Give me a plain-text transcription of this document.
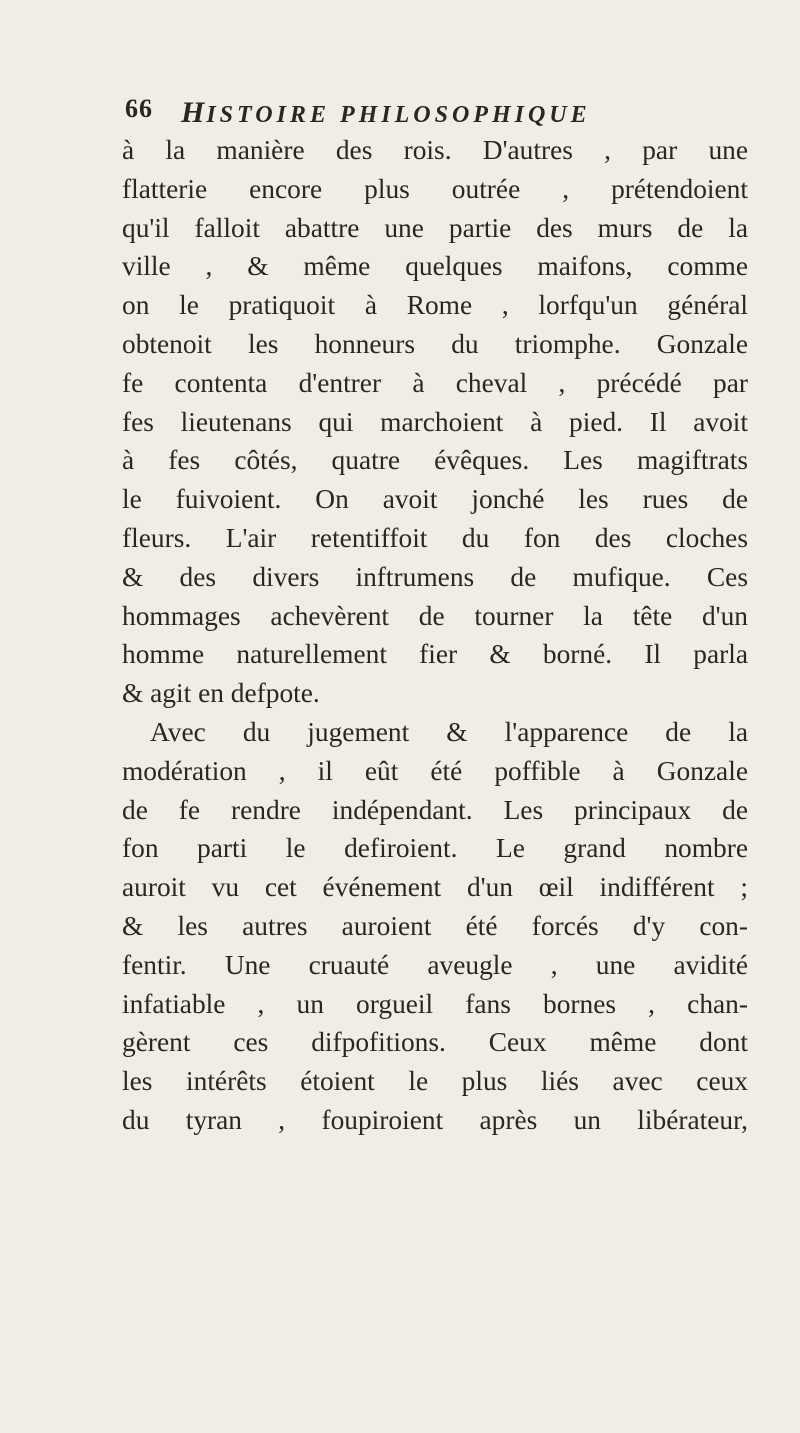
66 HISTOIRE PHILOSOPHIQUE
à la manière des rois. D'autres , par une
flatterie encore plus outrée , prétendoient
qu'il falloit abattre une partie des murs de la
ville , & même quelques maifons, comme
on le pratiquoit à Rome , lorfqu'un général
obtenoit les honneurs du triomphe. Gonzale
fe contenta d'entrer à cheval , précédé par
fes lieutenans qui marchoient à pied. Il avoit
à fes côtés, quatre évêques. Les magiftrats
le fuivoient. On avoit jonché les rues de
fleurs. L'air retentiffoit du fon des cloches
& des divers inftrumens de mufique. Ces
hommages achevèrent de tourner la tête d'un
homme naturellement fier & borné. Il parla
& agit en defpote.
Avec du jugement & l'apparence de la
modération , il eût été poffible à Gonzale
de fe rendre indépendant. Les principaux de
fon parti le defiroient. Le grand nombre
auroit vu cet événement d'un œil indifférent ;
& les autres auroient été forcés d'y con-
fentir. Une cruauté aveugle , une avidité
infatiable , un orgueil fans bornes , chan-
gèrent ces difpofitions. Ceux même dont
les intérêts étoient le plus liés avec ceux
du tyran , foupiroient après un libérateur,
